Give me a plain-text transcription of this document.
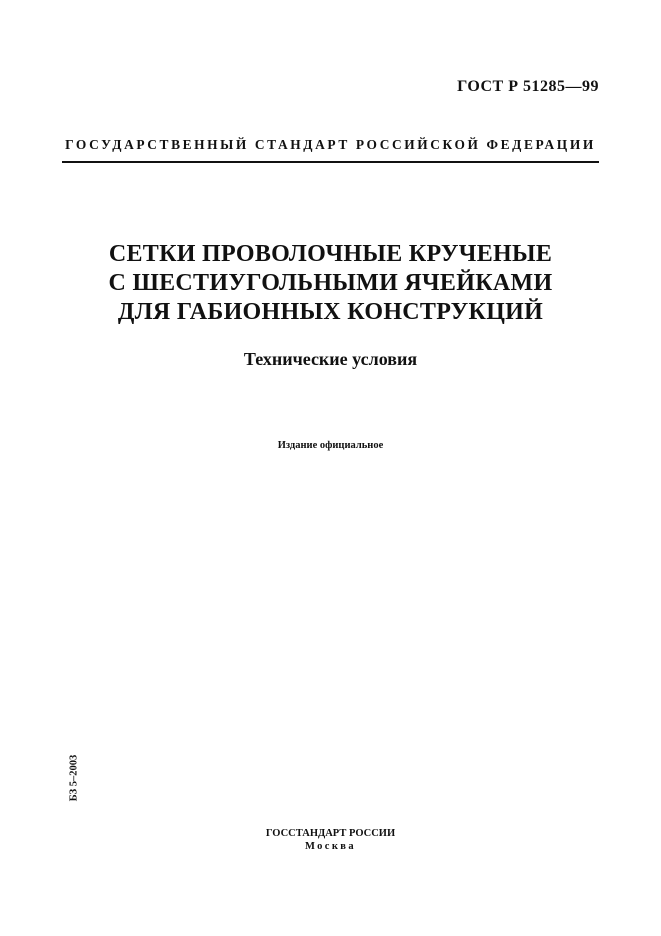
ГОСТ Р 51285—99
ГОСУДАРСТВЕННЫЙ СТАНДАРТ РОССИЙСКОЙ ФЕДЕРАЦИИ
СЕТКИ ПРОВОЛОЧНЫЕ КРУЧЕНЫЕ
С ШЕСТИУГОЛЬНЫМИ ЯЧЕЙКАМИ
ДЛЯ ГАБИОННЫХ КОНСТРУКЦИЙ
Технические условия
Издание официальное
БЗ 5–2003
ГОССТАНДАРТ РОССИИ
Москва
